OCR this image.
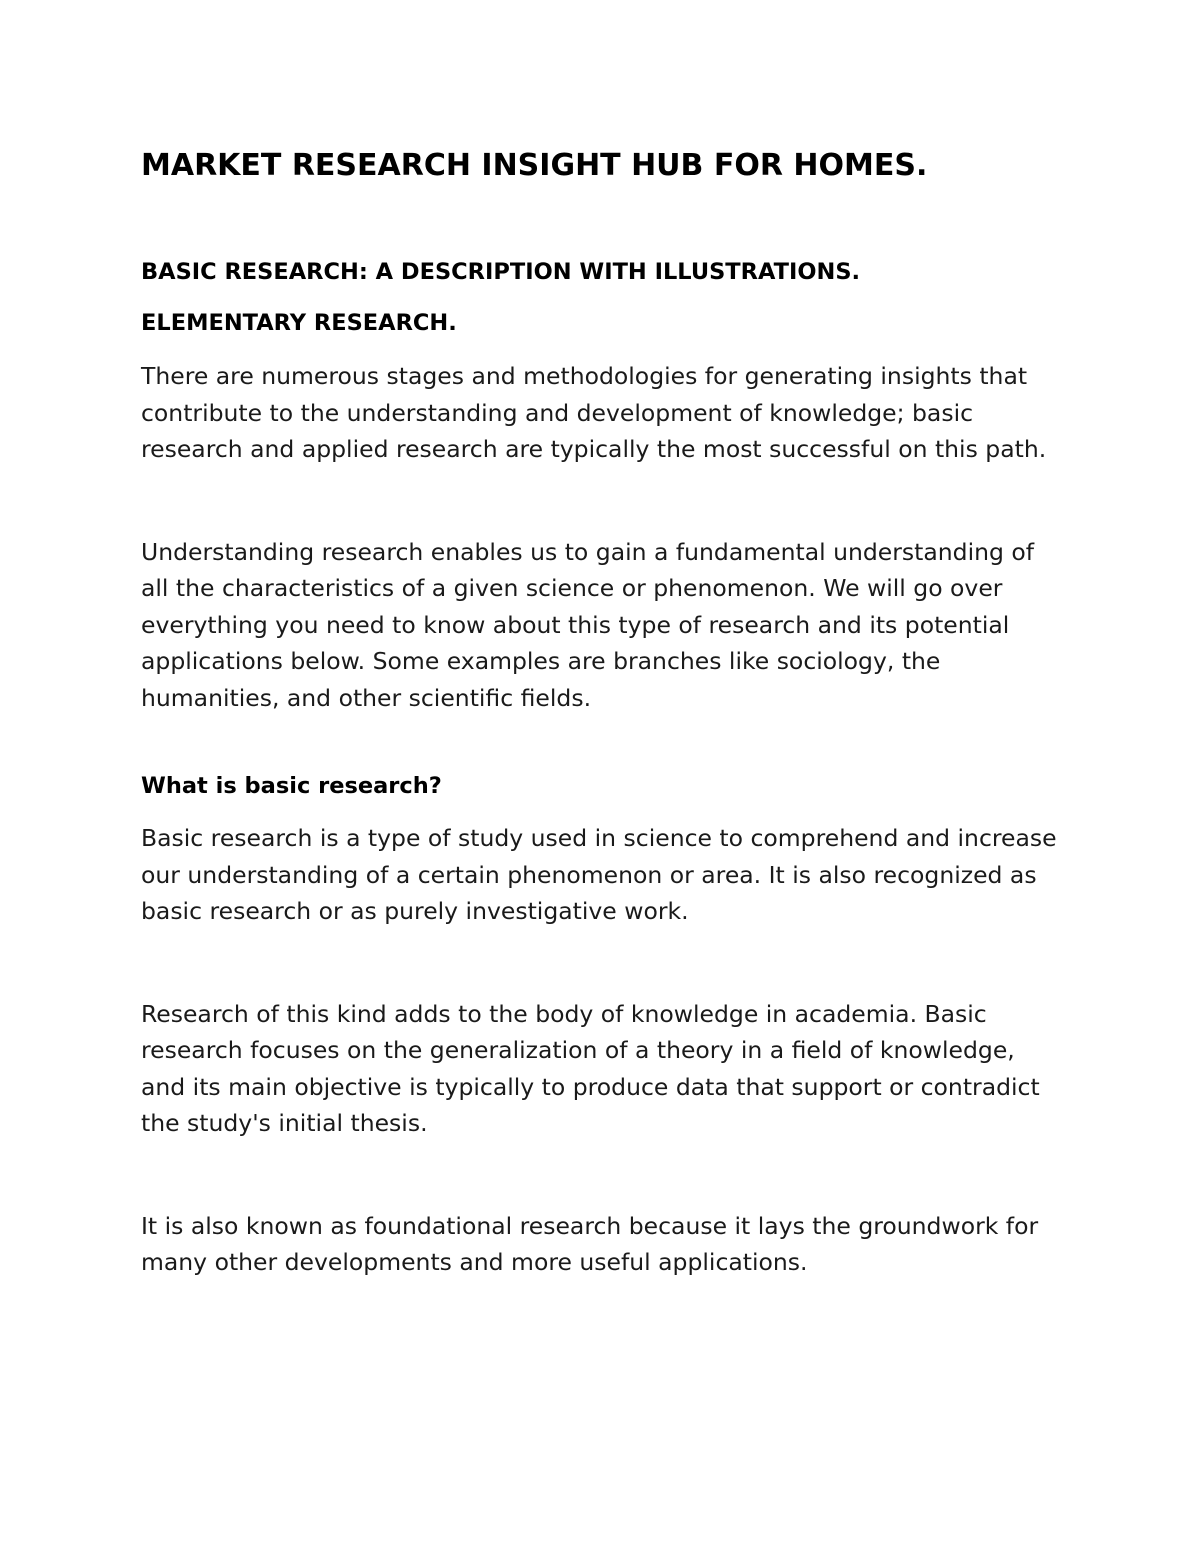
MARKET RESEARCH INSIGHT HUB FOR HOMES.
BASIC RESEARCH: A DESCRIPTION WITH ILLUSTRATIONS.
ELEMENTARY RESEARCH.

There are numerous stages and methodologies for generating insights that contribute to the understanding and development of knowledge; basic research and applied research are typically the most successful on this path.

Understanding research enables us to gain a fundamental understanding of all the characteristics of a given science or phenomenon. We will go over everything you need to know about this type of research and its potential applications below. Some examples are branches like sociology, the humanities, and other scientific fields.

What is basic research?

Basic research is a type of study used in science to comprehend and increase our understanding of a certain phenomenon or area. It is also recognized as basic research or as purely investigative work.

Research of this kind adds to the body of knowledge in academia. Basic research focuses on the generalization of a theory in a field of knowledge, and its main objective is typically to produce data that support or contradict the study's initial thesis.

It is also known as foundational research because it lays the groundwork for many other developments and more useful applications.
